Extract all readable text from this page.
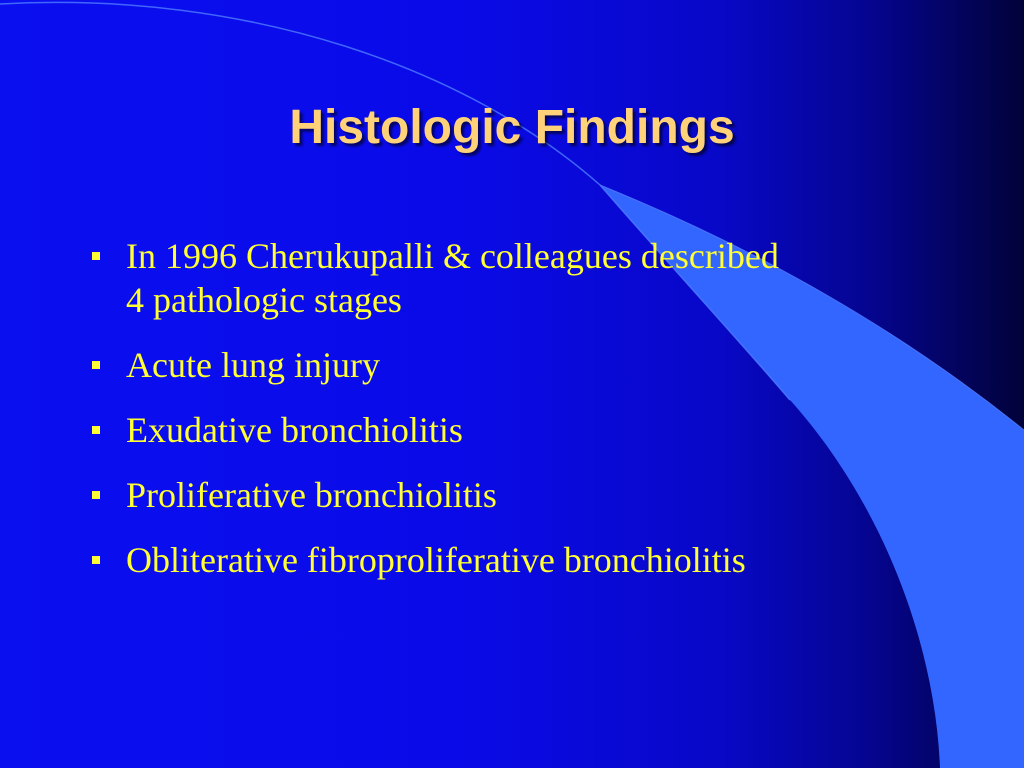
Histologic Findings
In 1996 Cherukupalli & colleagues described 4 pathologic stages
Acute lung injury
Exudative bronchiolitis
Proliferative bronchiolitis
Obliterative fibroproliferative bronchiolitis
